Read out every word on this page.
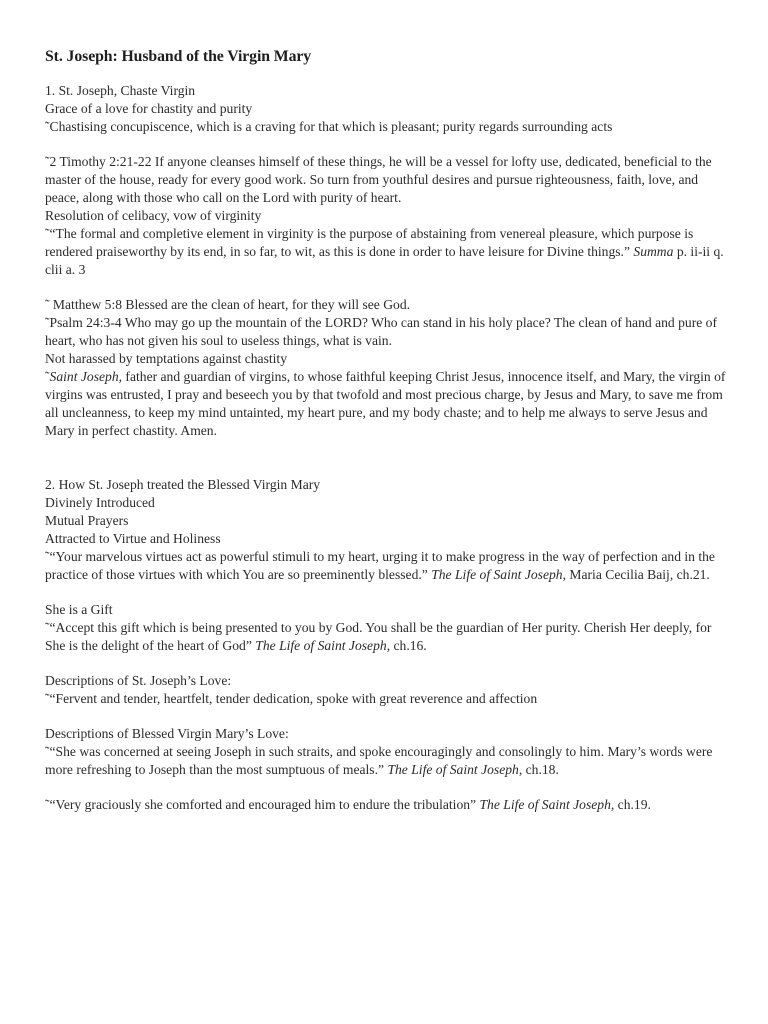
St. Joseph: Husband of the Virgin Mary

1. St. Joseph, Chaste Virgin

Grace of a love for chastity and purity

˜Chastising concupiscence, which is a craving for that which is pleasant; purity regards surrounding acts

˜2 Timothy 2:21-22 If anyone cleanses himself of these things, he will be a vessel for lofty use, dedicated, beneficial to the master of the house, ready for every good work. So turn from youthful desires and pursue righteousness, faith, love, and peace, along with those who call on the Lord with purity of heart.

Resolution of celibacy, vow of virginity

˜“The formal and completive element in virginity is the purpose of abstaining from venereal pleasure, which purpose is rendered praiseworthy by its end, in so far, to wit, as this is done in order to have leisure for Divine things.” Summa p. ii-ii q. clii a. 3

˜ Matthew 5:8 Blessed are the clean of heart, for they will see God.

˜Psalm 24:3-4 Who may go up the mountain of the LORD? Who can stand in his holy place? The clean of hand and pure of heart, who has not given his soul to useless things, what is vain.

Not harassed by temptations against chastity

˜Saint Joseph, father and guardian of virgins, to whose faithful keeping Christ Jesus, innocence itself, and Mary, the virgin of virgins was entrusted, I pray and beseech you by that twofold and most precious charge, by Jesus and Mary, to save me from all uncleanness, to keep my mind untainted, my heart pure, and my body chaste; and to help me always to serve Jesus and Mary in perfect chastity. Amen.

2. How St. Joseph treated the Blessed Virgin Mary

Divinely Introduced

Mutual Prayers

Attracted to Virtue and Holiness

˜“Your marvelous virtues act as powerful stimuli to my heart, urging it to make progress in the way of perfection and in the practice of those virtues with which You are so preeminently blessed.” The Life of Saint Joseph, Maria Cecilia Baij, ch.21.

She is a Gift

˜“Accept this gift which is being presented to you by God. You shall be the guardian of Her purity. Cherish Her deeply, for She is the delight of the heart of God” The Life of Saint Joseph, ch.16.

Descriptions of St. Joseph’s Love:

˜“Fervent and tender, heartfelt, tender dedication, spoke with great reverence and affection

Descriptions of Blessed Virgin Mary’s Love:

˜“She was concerned at seeing Joseph in such straits, and spoke encouragingly and consolingly to him. Mary’s words were more refreshing to Joseph than the most sumptuous of meals.” The Life of Saint Joseph, ch.18.

˜“Very graciously she comforted and encouraged him to endure the tribulation” The Life of Saint Joseph, ch.19.
